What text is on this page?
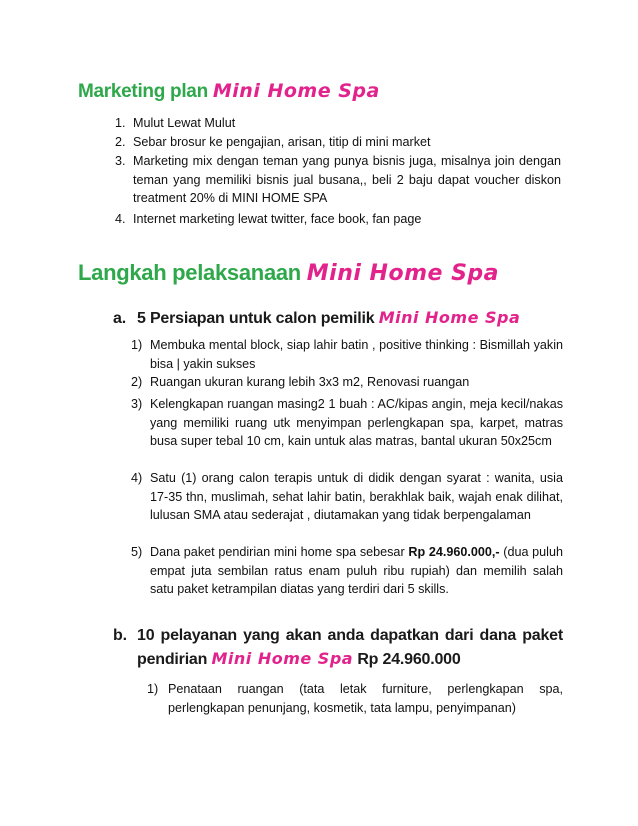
Marketing plan Mini Home Spa
1. Mulut Lewat Mulut
2. Sebar brosur ke pengajian, arisan, titip di mini market
3. Marketing mix dengan teman yang punya bisnis juga, misalnya join dengan teman yang memiliki bisnis jual busana,, beli 2 baju dapat voucher diskon treatment 20% di MINI HOME SPA
4. Internet marketing lewat twitter, face book, fan page
Langkah pelaksanaan Mini Home Spa
a. 5 Persiapan untuk calon pemilik Mini Home Spa
1) Membuka mental block, siap lahir batin , positive thinking : Bismillah yakin bisa | yakin sukses
2) Ruangan ukuran kurang lebih 3x3 m2, Renovasi ruangan
3) Kelengkapan ruangan masing2 1 buah : AC/kipas angin, meja kecil/nakas yang memiliki ruang utk menyimpan perlengkapan spa, karpet, matras busa super tebal 10 cm, kain untuk alas matras, bantal ukuran 50x25cm
4) Satu (1) orang calon terapis untuk di didik dengan syarat : wanita, usia 17-35 thn, muslimah, sehat lahir batin, berakhlak baik, wajah enak dilihat, lulusan SMA atau sederajat , diutamakan yang tidak berpengalaman
5) Dana paket pendirian mini home spa sebesar Rp 24.960.000,- (dua puluh empat juta sembilan ratus enam puluh ribu rupiah) dan memilih salah satu paket ketrampilan diatas yang terdiri dari 5 skills.
b. 10 pelayanan yang akan anda dapatkan dari dana paket
pendirian Mini Home Spa Rp 24.960.000
1) Penataan ruangan (tata letak furniture, perlengkapan spa, perlengkapan penunjang, kosmetik, tata lampu, penyimpanan)
